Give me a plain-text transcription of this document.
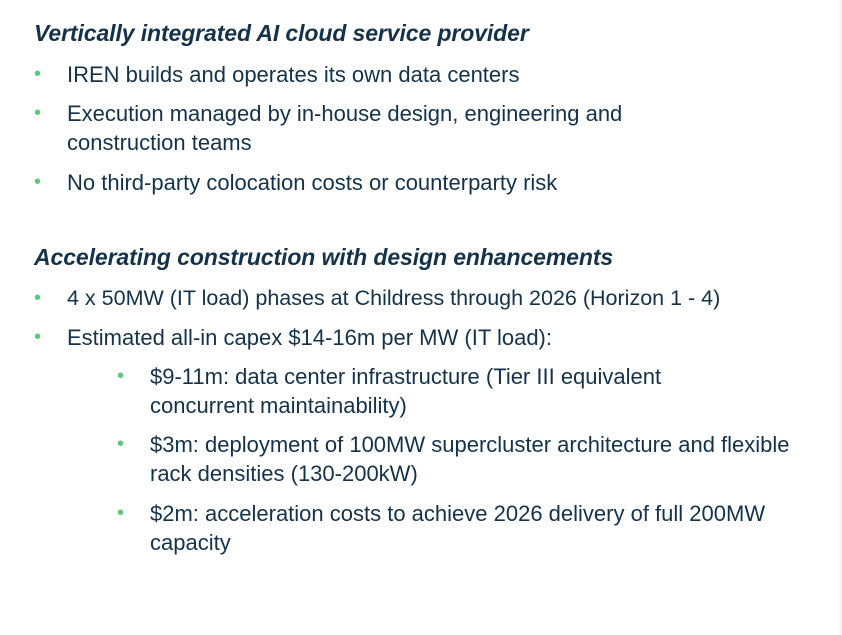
Vertically integrated AI cloud service provider
•	IREN builds and operates its own data centers
•	Execution managed by in-house design, engineering and construction teams
•	No third-party colocation costs or counterparty risk
Accelerating construction with design enhancements
•	4 x 50MW (IT load) phases at Childress through 2026 (Horizon 1 - 4)
•	Estimated all-in capex $14-16m per MW (IT load):
•	$9-11m: data center infrastructure (Tier III equivalent concurrent maintainability)
•	$3m: deployment of 100MW supercluster architecture and flexible rack densities (130-200kW)
•	$2m: acceleration costs to achieve 2026 delivery of full 200MW capacity
